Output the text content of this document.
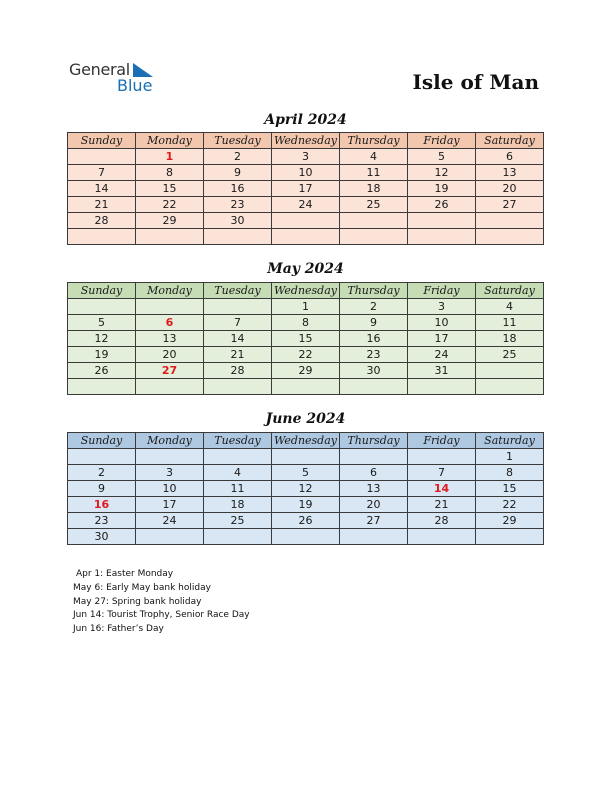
General
Blue	Isle of Man
April 2024
Sunday	Monday	Tuesday	Wednesday	Thursday	Friday	Saturday
	1	2	3	4	5	6
7	8	9	10	11	12	13
14	15	16	17	18	19	20
21	22	23	24	25	26	27
28	29	30				

May 2024
Sunday	Monday	Tuesday	Wednesday	Thursday	Friday	Saturday
			1	2	3	4
5	6	7	8	9	10	11
12	13	14	15	16	17	18
19	20	21	22	23	24	25
26	27	28	29	30	31	

June 2024
Sunday	Monday	Tuesday	Wednesday	Thursday	Friday	Saturday
						1
2	3	4	5	6	7	8
9	10	11	12	13	14	15
16	17	18	19	20	21	22
23	24	25	26	27	28	29
30						
Apr 1: Easter Monday
May 6: Early May bank holiday
May 27: Spring bank holiday
Jun 14: Tourist Trophy, Senior Race Day
Jun 16: Father’s Day
